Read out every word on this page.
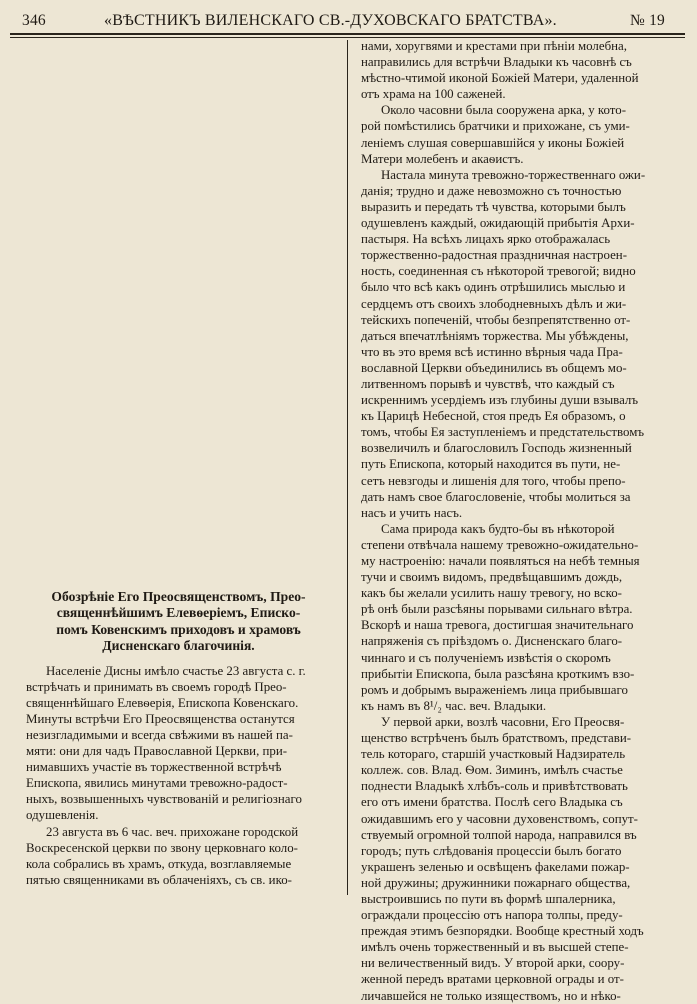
346	«ВѢСТНИКЪ ВИЛЕНСКАГО СВ.-ДУХОВСКАГО БРАТСТВА».	№ 19
Обозрѣніе Его Преосвященствомъ, Прео-
священнѣйшимъ Елевѳеріемъ, Еписко-
помъ Ковенскимъ приходовъ и храмовъ
Дисненскаго благочинія.
Населеніе Дисны имѣло счастье 23 августа с. г.
встрѣчать и принимать въ своемъ городѣ Прео-
священнѣйшаго Елевѳерія, Епископа Ковенскаго.
Минуты встрѣчи Его Преосвященства останутся
незизгладимыми и всегда свѣжими въ нашей па-
мяти: они для чадъ Православной Церкви, при-
нимавшихъ участіе въ торжественной встрѣчѣ
Епископа, явились минутами тревожно-радост-
ныхъ, возвышенныхъ чувствованій и религіознаго
одушевленія.
23 августа въ 6 час. веч. прихожане городской
Воскресенской церкви по звону церковнаго коло-
кола собрались въ храмъ, откуда, возглавляемые
пятью священниками въ облаченіяхъ, съ св. ико-
нами, хоругвями и крестами при пѣніи молебна,
направились для встрѣчи Владыки къ часовнѣ съ
мѣстно-чтимой иконой Божіей Матери, удаленной
отъ храма на 100 саженей.
Около часовни была сооружена арка, у кото-
рой помѣстились братчики и прихожане, съ уми-
леніемъ слушая совершавшійся у иконы Божіей
Матери молебенъ и акаѳистъ.
Настала минута тревожно-торжественнаго ожи-
данія; трудно и даже невозможно съ точностью
выразить и передать тѣ чувства, которыми былъ
одушевленъ каждый, ожидающій прибытія Архи-
пастыря. На всѣхъ лицахъ ярко отображалась
торжественно-радостная праздничная настроен-
ность, соединенная съ нѣкоторой тревогой; видно
было что всѣ какъ одинъ отрѣшились мыслью и
сердцемъ отъ своихъ злободневныхъ дѣлъ и жи-
тейскихъ попеченій, чтобы безпрепятственно от-
даться впечатлѣніямъ торжества. Мы убѣждены,
что въ это время всѣ истинно вѣрныя чада Пра-
вославной Церкви объединились въ общемъ мо-
литвенномъ порывѣ и чувствѣ, что каждый съ
искреннимъ усердіемъ изъ глубины души взывалъ
къ Царицѣ Небесной, стоя предъ Ея образомъ, о
томъ, чтобы Ея заступленіемъ и предстательствомъ
возвеличилъ и благословилъ Господь жизненный
путь Епископа, который находится въ пути, не-
сетъ невзгоды и лишенія для того, чтобы препо-
дать намъ свое благословеніе, чтобы молиться за
насъ и учить насъ.
Сама природа какъ будто-бы въ нѣкоторой
степени отвѣчала нашему тревожно-ожидательно-
му настроенію: начали появляться на небѣ темныя
тучи и своимъ видомъ, предвѣщавшимъ дождь,
какъ бы желали усилить нашу тревогу, но вско-
рѣ онѣ были разсѣяны порывами сильнаго вѣтра.
Вскорѣ и наша тревога, достигшая значительнаго
напряженія съ пріѣздомъ о. Дисненскаго благо-
чиннаго и съ полученіемъ извѣстія о скоромъ
прибытіи Епископа, была разсѣяна кроткимъ взо-
ромъ и добрымъ выраженіемъ лица прибывшаго
къ намъ въ 8¹/₂ час. веч. Владыки.
У первой арки, возлѣ часовни, Его Преосвя-
щенство встрѣченъ былъ братствомъ, представи-
тель котораго, старшій участковый Надзиратель
коллеж. сов. Влад. Ѳом. Зиминъ, имѣлъ счастье
поднести Владыкѣ хлѣбъ-соль и привѣтствовать
его отъ имени братства. Послѣ сего Владыка съ
ожидавшимъ его у часовни духовенствомъ, сопут-
ствуемый огромной толпой народа, направился въ
городъ; путь слѣдованія процессіи былъ богато
украшенъ зеленью и освѣщенъ факелами пожар-
ной дружины; дружинники пожарнаго общества,
выстроившись по пути въ формѣ шпалерника,
ограждали процессію отъ напора толпы, преду-
преждая этимъ безпорядки. Вообще крестный ходъ
имѣлъ очень торжественный и въ высшей степе-
ни величественный видъ. У второй арки, соору-
женной передъ вратами церковной ограды и от-
личавшейся не только изяществомъ, но и нѣко-
